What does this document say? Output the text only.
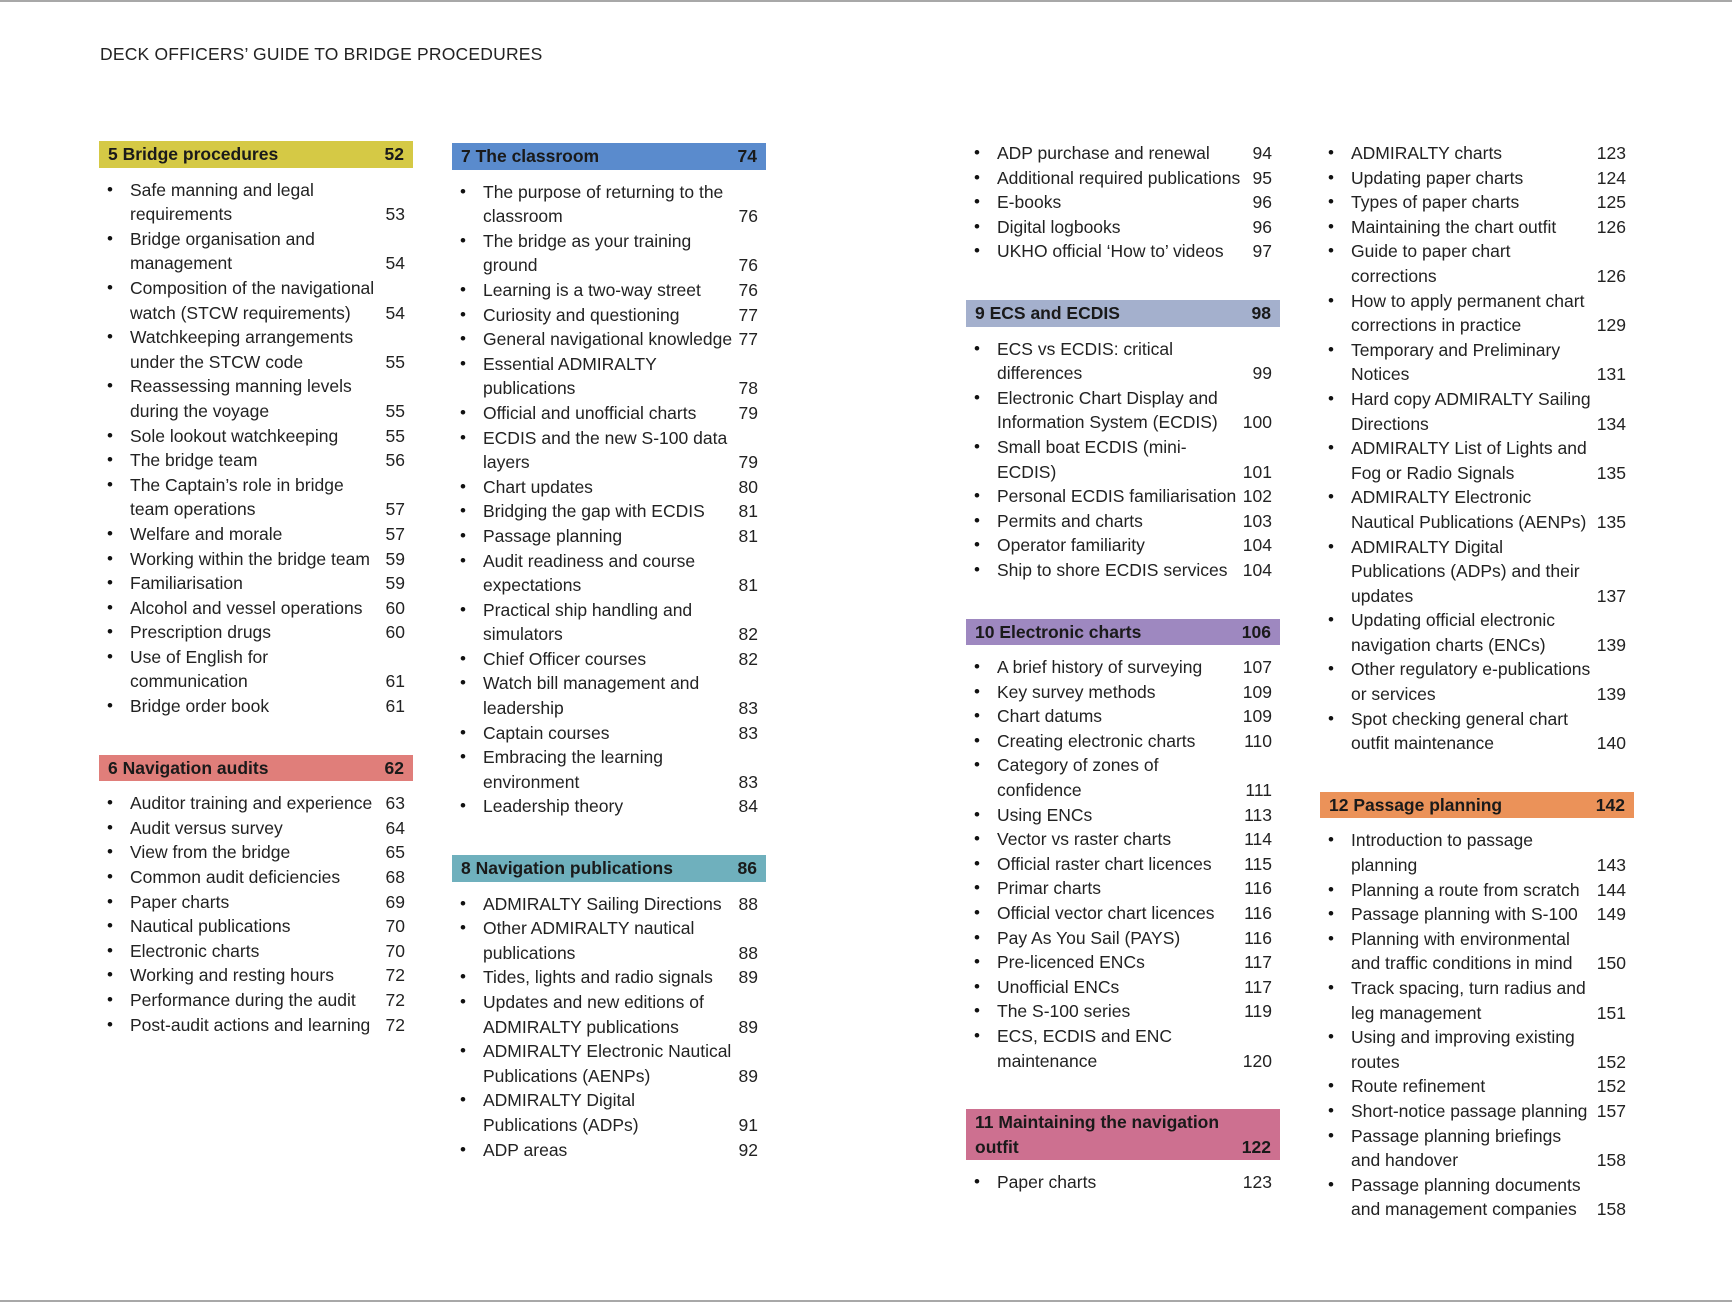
DECK OFFICERS’ GUIDE TO BRIDGE PROCEDURES
5 Bridge procedures	52
• Safe manning and legal requirements	53
• Bridge organisation and management	54
• Composition of the navigational watch (STCW requirements)	54
• Watchkeeping arrangements under the STCW code	55
• Reassessing manning levels during the voyage	55
• Sole lookout watchkeeping	55
• The bridge team	56
• The Captain’s role in bridge team operations	57
• Welfare and morale	57
• Working within the bridge team 59
• Familiarisation	59
• Alcohol and vessel operations	60
• Prescription drugs	60
• Use of English for communication	61
• Bridge order book	61
6 Navigation audits	62
• Auditor training and experience 63
• Audit versus survey	64
• View from the bridge	65
• Common audit deficiencies	68
• Paper charts	69
• Nautical publications	70
• Electronic charts	70
• Working and resting hours	72
• Performance during the audit	72
• Post-audit actions and learning 72
7 The classroom	74
• The purpose of returning to the classroom	76
• The bridge as your training ground	76
• Learning is a two-way street	76
• Curiosity and questioning	77
• General navigational knowledge 77
• Essential ADMIRALTY publications	78
• Official and unofficial charts	79
• ECDIS and the new S-100 data layers	79
• Chart updates	80
• Bridging the gap with ECDIS	81
• Passage planning	81
• Audit readiness and course expectations	81
• Practical ship handling and simulators	82
• Chief Officer courses	82
• Watch bill management and leadership	83
• Captain courses	83
• Embracing the learning environment	83
• Leadership theory	84
8 Navigation publications	86
• ADMIRALTY Sailing Directions 88
• Other ADMIRALTY nautical publications	88
• Tides, lights and radio signals	89
• Updates and new editions of ADMIRALTY publications	89
• ADMIRALTY Electronic Nautical Publications (AENPs)	89
• ADMIRALTY Digital Publications (ADPs)	91
• ADP areas	92
• ADP purchase and renewal	94
• Additional required publications 95
• E-books	96
• Digital logbooks	96
• UKHO official ‘How to’ videos	97
9 ECS and ECDIS	98
• ECS vs ECDIS: critical differences	99
• Electronic Chart Display and Information System (ECDIS)	100
• Small boat ECDIS (mini-ECDIS)	101
• Personal ECDIS familiarisation 102
• Permits and charts	103
• Operator familiarity	104
• Ship to shore ECDIS services 104
10 Electronic charts	106
• A brief history of surveying	107
• Key survey methods	109
• Chart datums	109
• Creating electronic charts	110
• Category of zones of confidence	111
• Using ENCs	113
• Vector vs raster charts	114
• Official raster chart licences	115
• Primar charts	116
• Official vector chart licences	116
• Pay As You Sail (PAYS)	116
• Pre-licenced ENCs	117
• Unofficial ENCs	117
• The S-100 series	119
• ECS, ECDIS and ENC maintenance	120
11 Maintaining the navigation outfit	122
• Paper charts	123
• ADMIRALTY charts	123
• Updating paper charts	124
• Types of paper charts	125
• Maintaining the chart outfit	126
• Guide to paper chart corrections	126
• How to apply permanent chart corrections in practice	129
• Temporary and Preliminary Notices	131
• Hard copy ADMIRALTY Sailing Directions	134
• ADMIRALTY List of Lights and Fog or Radio Signals	135
• ADMIRALTY Electronic Nautical Publications (AENPs) 135
• ADMIRALTY Digital Publications (ADPs) and their updates	137
• Updating official electronic navigation charts (ENCs)	139
• Other regulatory e-publications or services	139
• Spot checking general chart outfit maintenance	140
12 Passage planning	142
• Introduction to passage planning	143
• Planning a route from scratch 144
• Passage planning with S-100	149
• Planning with environmental and traffic conditions in mind	150
• Track spacing, turn radius and leg management	151
• Using and improving existing routes	152
• Route refinement	152
• Short-notice passage planning 157
• Passage planning briefings and handover	158
• Passage planning documents and management companies	158
